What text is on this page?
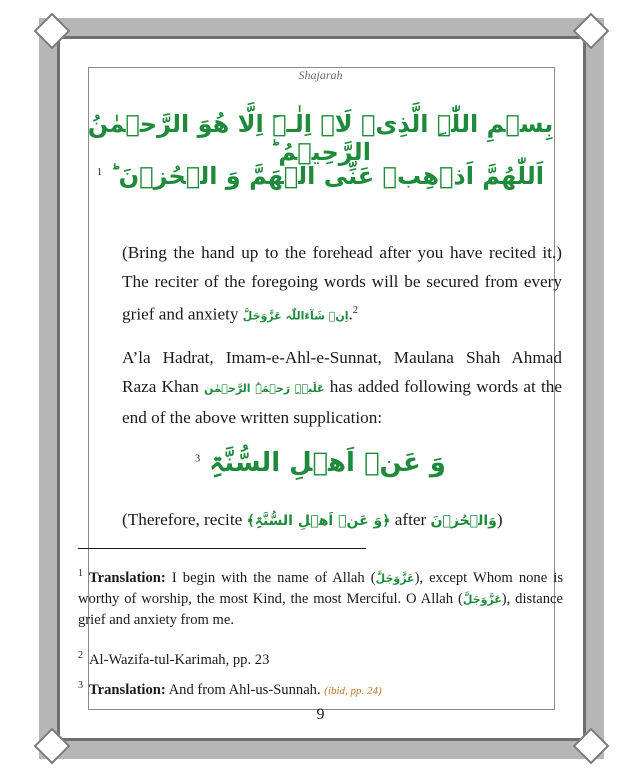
Shajarah
بِسۡمِ اللّٰہِ الَّذِیۡ لَاۤ اِلٰـہَ اِلَّا ھُوَ الرَّحۡمٰنُ الرَّحِیۡمُ ؕ
اَللّٰھُمَّ اَذۡھِبۡ عَنِّی الۡھَمَّ وَ الۡحُزۡنَ ؕ $^1$
(Bring the hand up to the forehead after you have recited it.) The reciter of the foregoing words will be secured from every grief and anxiety اِنۡ شَآءَاللّٰہ عَزَّوَجَلَّ.$^2$
A’la Hadrat, Imam-e-Ahl-e-Sunnat, Maulana Shah Ahmad Raza Khan عَلَیۡہِ رَحۡمَۃُ الرَّحۡمٰن has added following words at the end of the above written supplication:
وَ عَنۡ اَھۡلِ السُّنَّۃِ $^3$
(Therefore, recite ﴿وَ عَنۡ اَھۡلِ السُّنَّۃِ﴾ after وَالۡحُزۡنَ)
$^1$ Translation: I begin with the name of Allah (عَزَّوَجَلَّ), except Whom none is worthy of worship, the most Kind, the most Merciful. O Allah (عَزَّوَجَلَّ), distance grief and anxiety from me.
$^2$ Al-Wazifa-tul-Karimah, pp. 23
$^3$ Translation: And from Ahl-us-Sunnah. (ibid, pp. 24)
9
